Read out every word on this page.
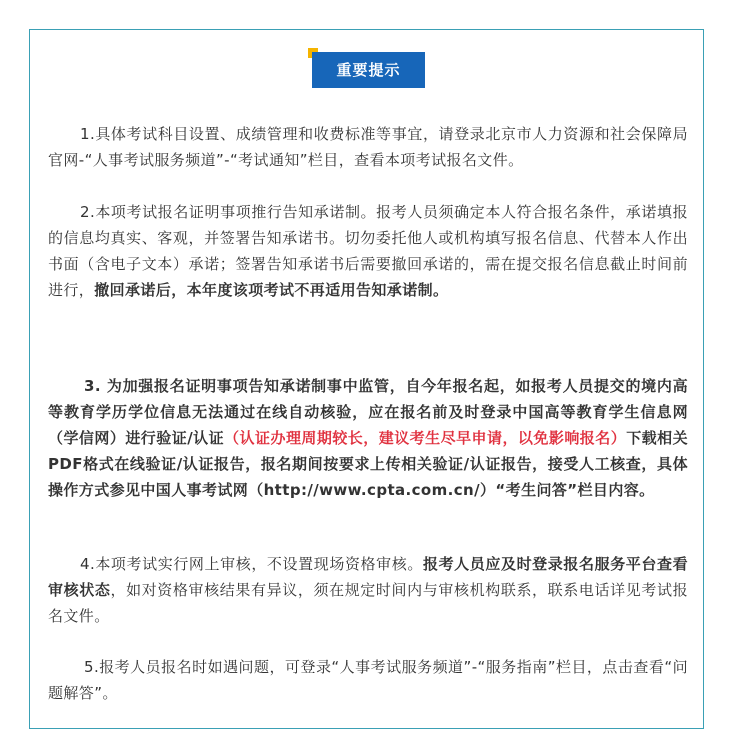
重要提示
1.具体考试科目设置、成绩管理和收费标准等事宜，请登录北京市人力资源和社会保障局官网-“人事考试服务频道”-“考试通知”栏目，查看本项考试报名文件。
2.本项考试报名证明事项推行告知承诺制。报考人员须确定本人符合报名条件，承诺填报的信息均真实、客观，并签署告知承诺书。切勿委托他人或机构填写报名信息、代替本人作出书面（含电子文本）承诺；签署告知承诺书后需要撤回承诺的，需在提交报名信息截止时间前进行，撤回承诺后，本年度该项考试不再适用告知承诺制。
3. 为加强报名证明事项告知承诺制事中监管，自今年报名起，如报考人员提交的境内高等教育学历学位信息无法通过在线自动核验，应在报名前及时登录中国高等教育学生信息网（学信网）进行验证/认证（认证办理周期较长，建议考生尽早申请，以免影响报名）下载相关PDF格式在线验证/认证报告，报名期间按要求上传相关验证/认证报告，接受人工核查，具体操作方式参见中国人事考试网（http://www.cpta.com.cn/）“考生问答”栏目内容。
4.本项考试实行网上审核，不设置现场资格审核。报考人员应及时登录报名服务平台查看审核状态，如对资格审核结果有异议，须在规定时间内与审核机构联系，联系电话详见考试报名文件。
5.报考人员报名时如遇问题，可登录“人事考试服务频道”-“服务指南”栏目，点击查看“问题解答”。
